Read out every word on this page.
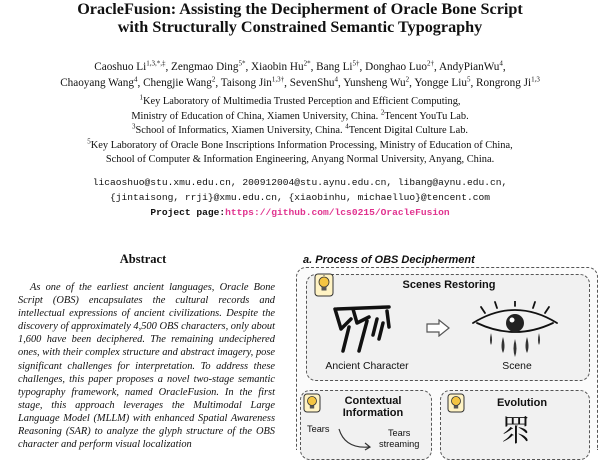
OracleFusion: Assisting the Decipherment of Oracle Bone Script
with Structurally Constrained Semantic Typography
Caoshuo $Li^{1,3,*,\ddagger}$, Zengmao Ding$^{5*}$, Xiaobin $Hu^{2*}$, Bang $Li^{5\dagger}$, Donghao Luo$^{2\dagger}$, AndyPianWu$^4$,
Chaoyang Wang$^4$, Chengjie Wang$^2$, Taisong Jin$^{1,3\dagger}$, SevenShu$^4$, Yunsheng Wu$^2$, Yongge Liu$^5$, Rongrong Ji$^{1,3}$
$^1$Key Laboratory of Multimedia Trusted Perception and Efficient Computing,
Ministry of Education of China, Xiamen University, China. $^2$Tencent YouTu Lab.
$^3$School of Informatics, Xiamen University, China. $^4$Tencent Digital Culture Lab.
$^5$Key Laboratory of Oracle Bone Inscriptions Information Processing, Ministry of Education of China,
School of Computer & Information Engineering, Anyang Normal University, Anyang, China.
licaoshuo@stu.xmu.edu.cn, 200912004@stu.aynu.edu.cn, libang@aynu.edu.cn,
{jintaisong, rrji}@xmu.edu.cn, {xiaobinhu, michaelluo}@tencent.com
Project page:https://github.com/lcs0215/OracleFusion
Abstract

As one of the earliest ancient languages, Oracle Bone Script (OBS) encapsulates the cultural records and intellectual expressions of ancient civilizations. Despite the discovery of approximately 4,500 OBS characters, only about 1,600 have been deciphered. The remaining undeciphered ones, with their complex structure and abstract imagery, pose significant challenges for interpretation. To address these challenges, this paper proposes a novel two-stage semantic typography framework, named OracleFusion. In the first stage, this approach leverages the Multimodal Large Language Model (MLLM) with enhanced Spatial Awareness Reasoning (SAR) to analyze the glyph structure of the OBS character and perform visual localization

a. Process of OBS Decipherment
Scenes Restoring
Ancient Character	Scene
Contextual
Information
Tears	Tears
streaming
Evolution
眔
